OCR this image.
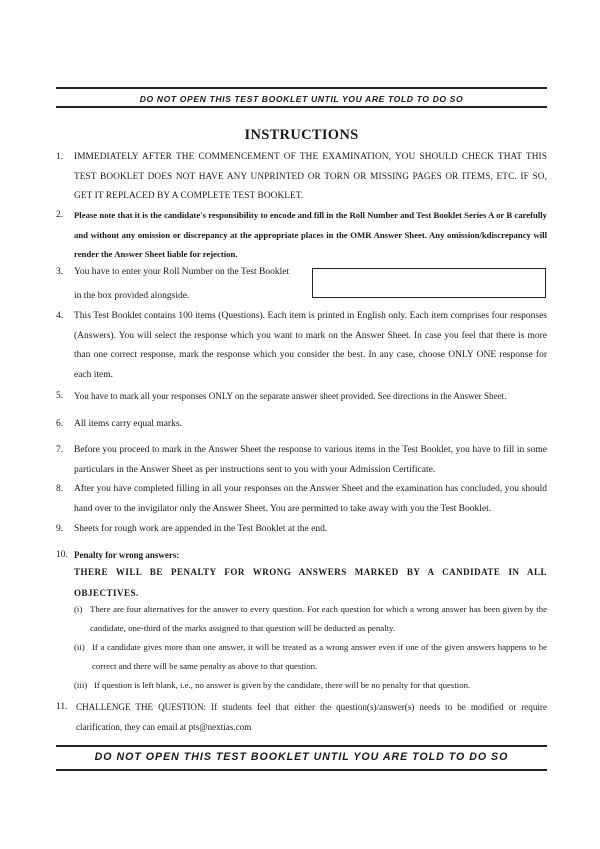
DO NOT OPEN THIS TEST BOOKLET UNTIL YOU ARE TOLD TO DO SO
INSTRUCTIONS
1. IMMEDIATELY AFTER THE COMMENCEMENT OF THE EXAMINATION, YOU SHOULD CHECK THAT THIS TEST BOOKLET DOES NOT HAVE ANY UNPRINTED OR TORN OR MISSING PAGES OR ITEMS, ETC. IF SO, GET IT REPLACED BY A COMPLETE TEST BOOKLET.
2. Please note that it is the candidate's responsibility to encode and fill in the Roll Number and Test Booklet Series A or B carefully and without any omission or discrepancy at the appropriate places in the OMR Answer Sheet. Any omission/kdiscrepancy will render the Answer Sheet liable for rejection.
3. You have to enter your Roll Number on the Test Booklet
in the box provided alongside.
4. This Test Booklet contains 100 items (Questions). Each item is printed in English only. Each item comprises four responses (Answers). You will select the response which you want to mark on the Answer Sheet. In case you feel that there is more than one correct response, mark the response which you consider the best. In any case, choose ONLY ONE response for each item.
5. You have to mark all your responses ONLY on the separate answer sheet provided. See directions in the Answer Sheet.
6. All items carry equal marks.
7. Before you proceed to mark in the Answer Sheet the response to various items in the Test Booklet, you have to fill in some particulars in the Answer Sheet as per instructions sent to you with your Admission Certificate.
8. After you have completed filling in all your responses on the Answer Sheet and the examination has concluded, you should hand over to the invigilator only the Answer Sheet. You are permitted to take away with you the Test Booklet.
9. Sheets for rough work are appended in the Test Booklet at the end.
10. Penalty for wrong answers:
THERE WILL BE PENALTY FOR WRONG ANSWERS MARKED BY A CANDIDATE IN ALL OBJECTIVES.
(i) There are four alternatives for the answer to every question. For each question for which a wrong answer has been given by the candidate, one-third of the marks assigned to that question will be deducted as penalty.
(ii) If a candidate gives more than one answer, it will be treated as a wrong answer even if one of the given answers happens to be correct and there will be same penalty as above to that question.
(iii) If question is left blank, i.e., no answer is given by the candidate, there will be no penalty for that question.
11. CHALLENGE THE QUESTION: If students feel that either the question(s)/answer(s) needs to be modified or require clarification, they can email at pts@nextias.com
DO NOT OPEN THIS TEST BOOKLET UNTIL YOU ARE TOLD TO DO SO
